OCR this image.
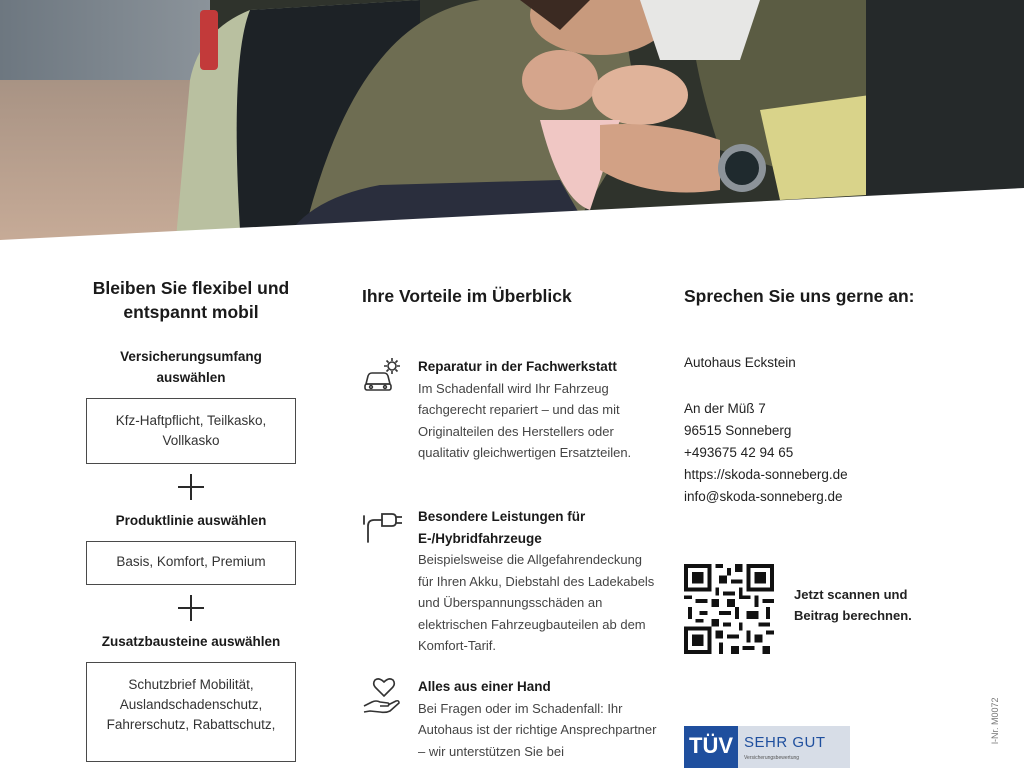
Bleiben Sie flexibel und entspannt mobil
Versicherungsumfang auswählen
Kfz-Haftpflicht, Teilkasko, Vollkasko
Produktlinie auswählen
Basis, Komfort, Premium
Zusatzbausteine auswählen
Schutzbrief Mobilität, Auslandschadenschutz, Fahrerschutz, Rabattschutz,
Ihre Vorteile im Überblick
Reparatur in der Fachwerkstatt
Im Schadenfall wird Ihr Fahrzeug fachgerecht repariert – und das mit Originalteilen des Herstellers oder qualitativ gleichwertigen Ersatzteilen.
Besondere Leistungen für E-/Hybridfahrzeuge
Beispielsweise die Allgefahrendeckung für Ihren Akku, Diebstahl des Ladekabels und Überspannungsschäden an elektrischen Fahrzeugbauteilen ab dem Komfort-Tarif.
Alles aus einer Hand
Bei Fragen oder im Schadenfall: Ihr Autohaus ist der richtige Ansprechpartner – wir unterstützen Sie bei
Sprechen Sie uns gerne an:
Autohaus Eckstein
An der Müß 7
96515 Sonneberg
+493675 42 94 65
https://skoda-sonneberg.de
info@skoda-sonneberg.de
Jetzt scannen und
Beitrag berechnen.
TÜV SEHR GUT
Versicherungsbewertung
l-Nr. M0072
